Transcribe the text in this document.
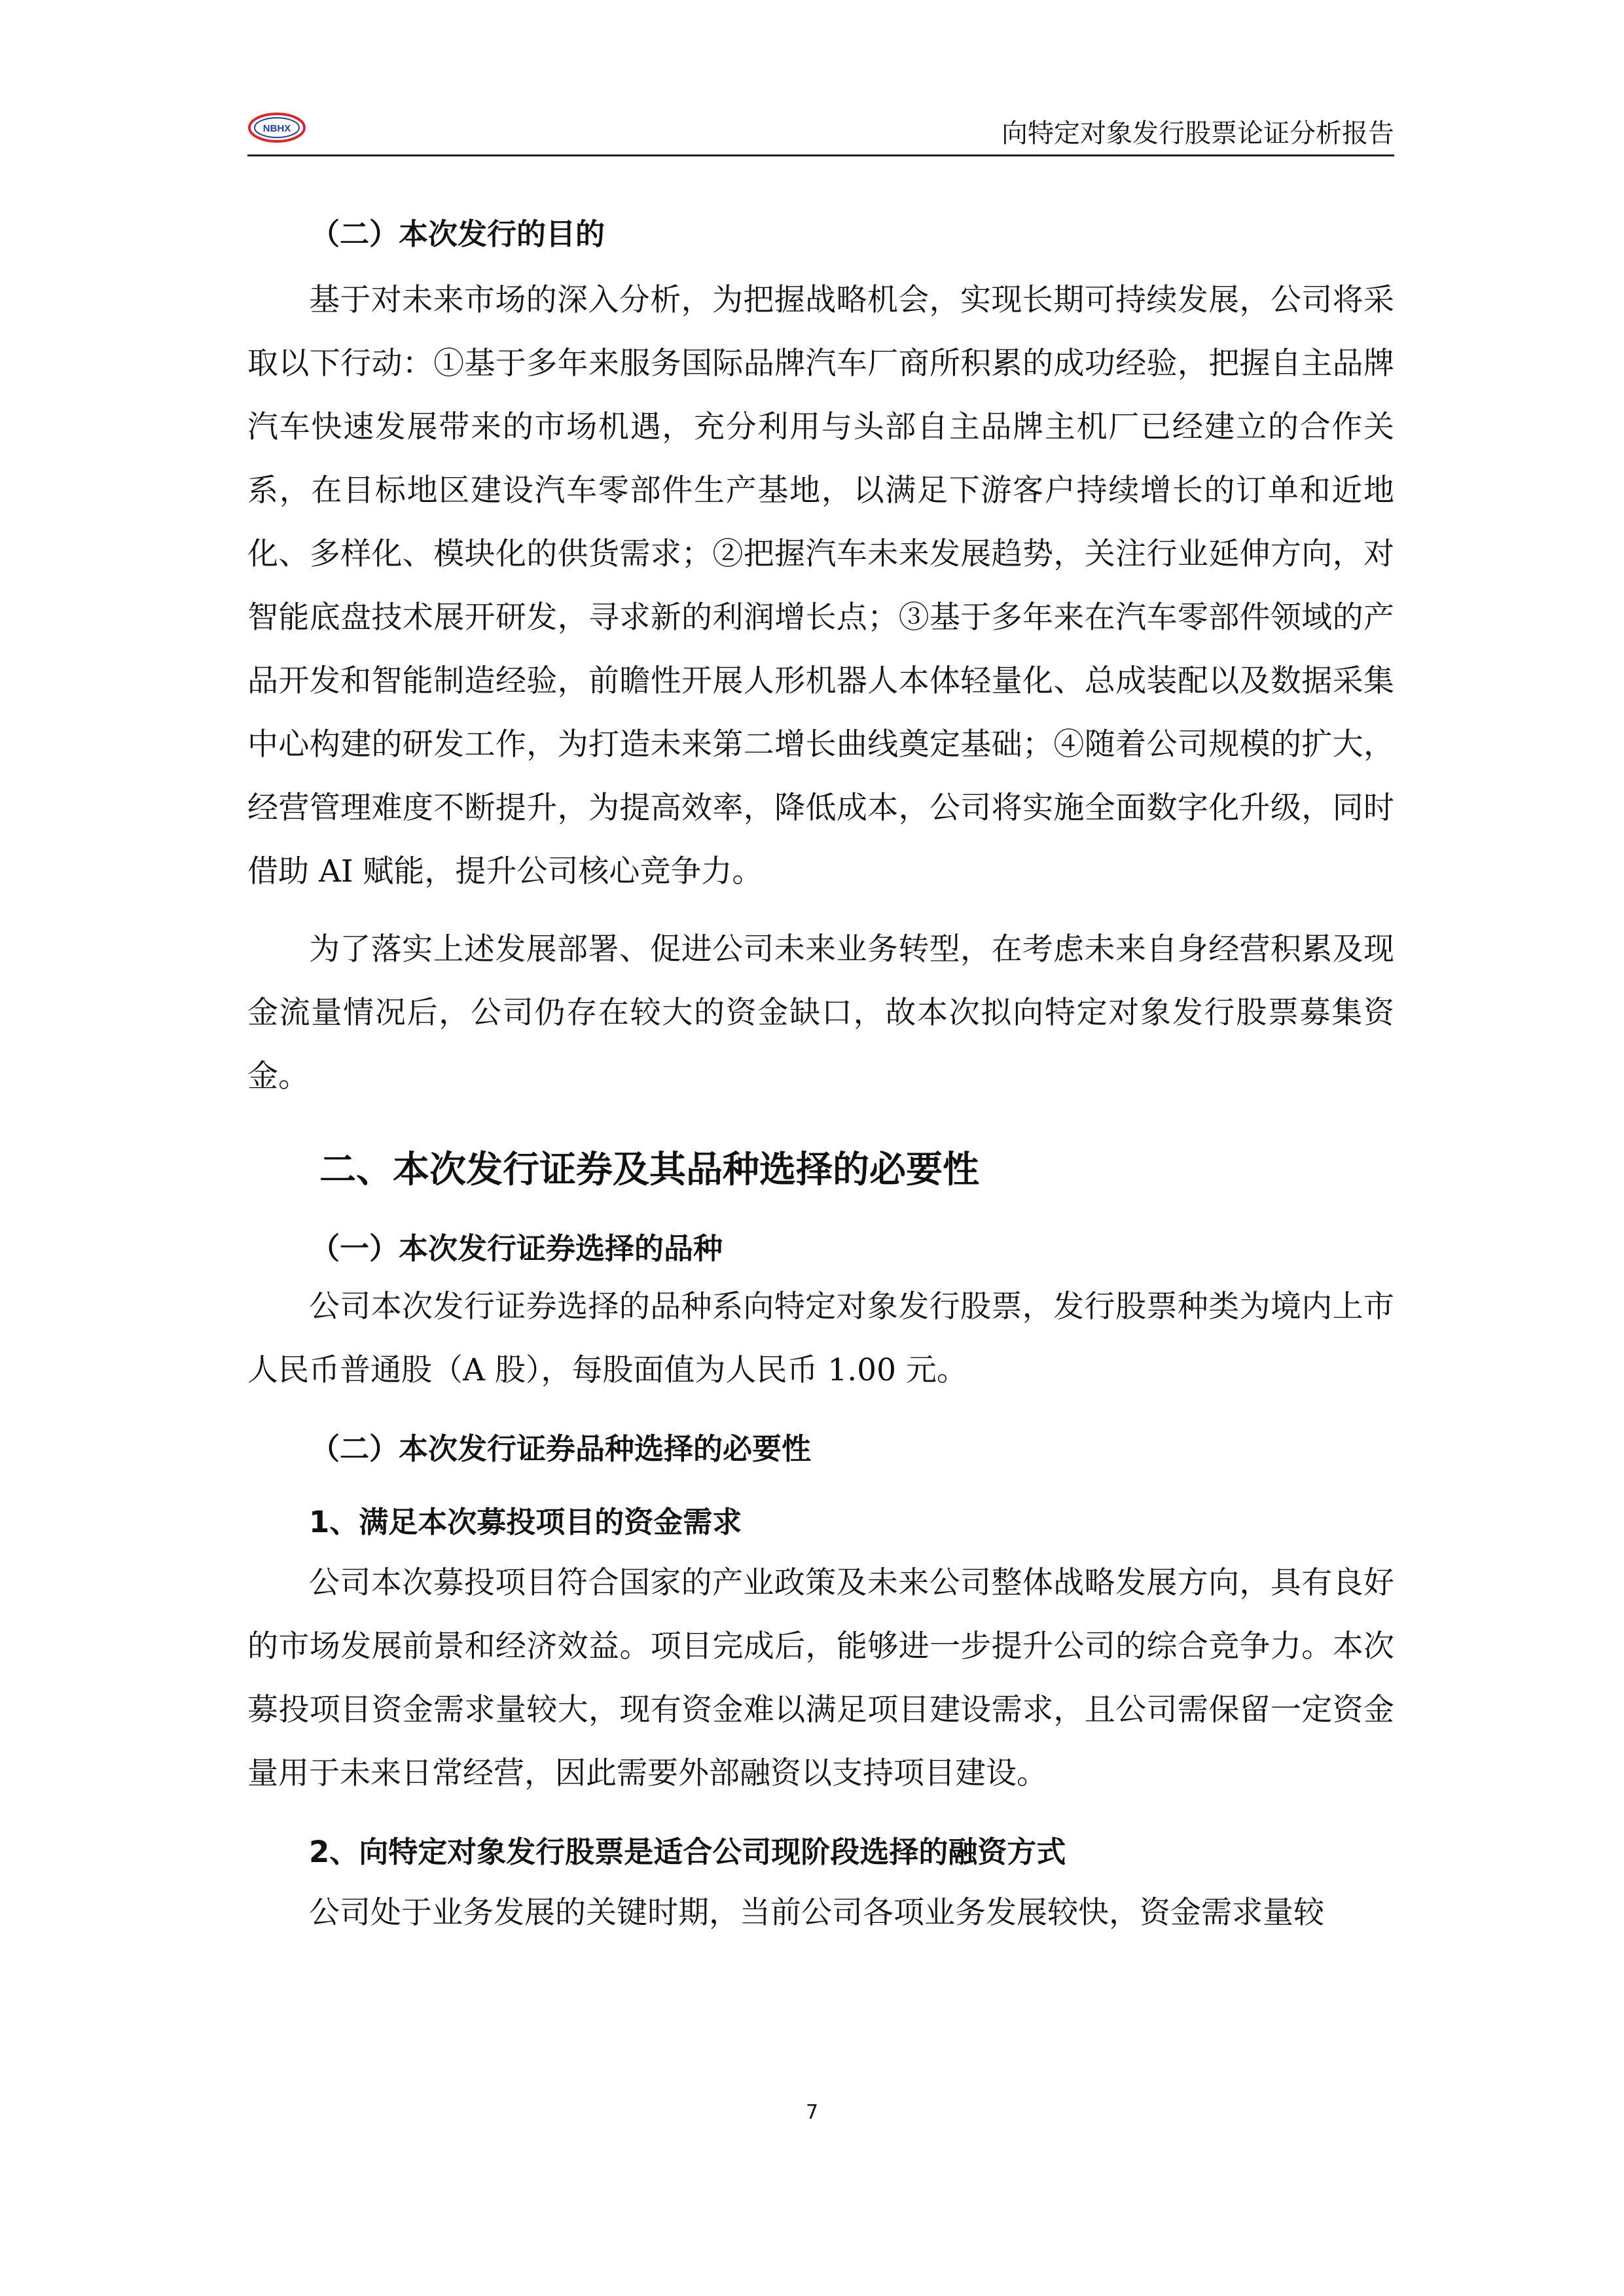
NBHX	向特定对象发行股票论证分析报告
（二）本次发行的目的

基于对未来市场的深入分析，为把握战略机会，实现长期可持续发展，公司将采取以下行动：①基于多年来服务国际品牌汽车厂商所积累的成功经验，把握自主品牌汽车快速发展带来的市场机遇，充分利用与头部自主品牌主机厂已经建立的合作关系，在目标地区建设汽车零部件生产基地，以满足下游客户持续增长的订单和近地化、多样化、模块化的供货需求；②把握汽车未来发展趋势，关注行业延伸方向，对智能底盘技术展开研发，寻求新的利润增长点；③基于多年来在汽车零部件领域的产品开发和智能制造经验，前瞻性开展人形机器人本体轻量化、总成装配以及数据采集中心构建的研发工作，为打造未来第二增长曲线奠定基础；④随着公司规模的扩大，经营管理难度不断提升，为提高效率，降低成本，公司将实施全面数字化升级，同时借助 AI 赋能，提升公司核心竞争力。

为了落实上述发展部署、促进公司未来业务转型，在考虑未来自身经营积累及现金流量情况后，公司仍存在较大的资金缺口，故本次拟向特定对象发行股票募集资金。

二、本次发行证券及其品种选择的必要性
（一）本次发行证券选择的品种

公司本次发行证券选择的品种系向特定对象发行股票，发行股票种类为境内上市人民币普通股（A 股），每股面值为人民币 1.00 元。

（二）本次发行证券品种选择的必要性
1、满足本次募投项目的资金需求

公司本次募投项目符合国家的产业政策及未来公司整体战略发展方向，具有良好的市场发展前景和经济效益。项目完成后，能够进一步提升公司的综合竞争力。本次募投项目资金需求量较大，现有资金难以满足项目建设需求，且公司需保留一定资金量用于未来日常经营，因此需要外部融资以支持项目建设。

2、向特定对象发行股票是适合公司现阶段选择的融资方式

公司处于业务发展的关键时期，当前公司各项业务发展较快，资金需求量较

7
